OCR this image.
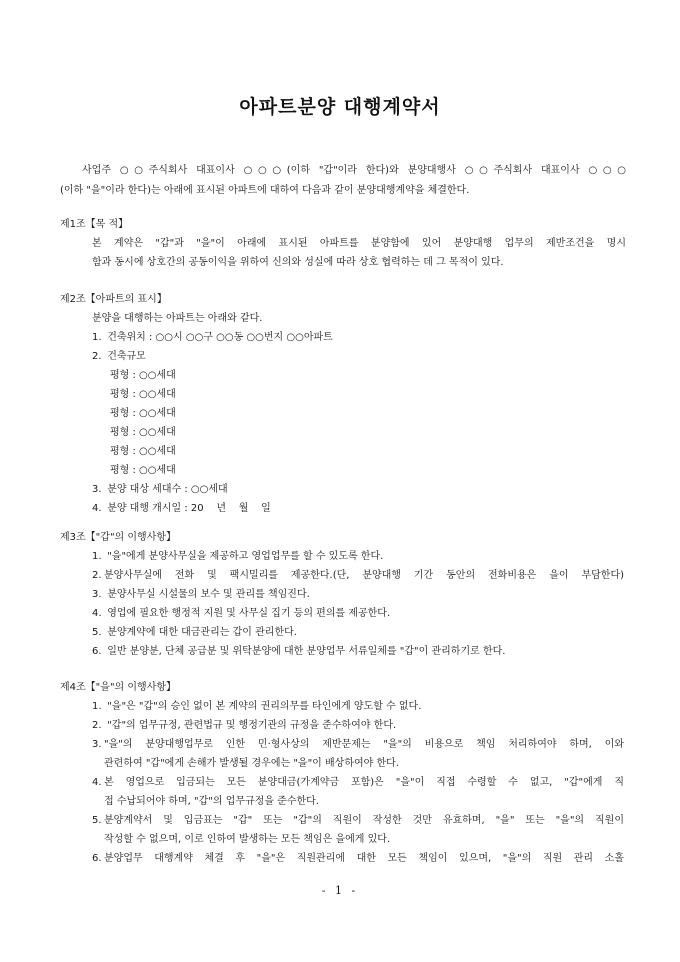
아파트분양 대행계약서
사업주 ○○주식회사 대표이사 ○○○(이하 "갑"이라 한다)와 분양대행사 ○○주식회사 대표이사 ○○○
(이하 "을"이라 한다)는 아래에 표시된 아파트에 대하여 다음과 같이 분양대행계약을 체결한다.
제1조【목 적】
본 계약은 "갑"과 "을"이 아래에 표시된 아파트를 분양함에 있어 분양대행 업무의 제반조건을 명시
함과 동시에 상호간의 공동이익을 위하여 신의와 성실에 따라 상호 협력하는 데 그 목적이 있다.
제2조【아파트의 표시】
분양을 대행하는 아파트는 아래와 같다.
1. 건축위치 : ○○시 ○○구 ○○동 ○○번지 ○○아파트
2. 건축규모
평형 : ○○세대
평형 : ○○세대
평형 : ○○세대
평형 : ○○세대
평형 : ○○세대
평형 : ○○세대
3. 분양 대상 세대수 : ○○세대
4. 분양 대행 개시일 : 20    년    월    일
제3조【"갑"의 이행사항】
1. "을"에게 분양사무실을 제공하고 영업업무를 할 수 있도록 한다.
2. 분양사무실에 전화 및 팩시밀리를 제공한다.(단, 분양대행 기간 동안의 전화비용은 을이 부담한다)
3. 분양사무실 시설물의 보수 및 관리를 책임진다.
4. 영업에 필요한 행정적 지원 및 사무실 집기 등의 편의를 제공한다.
5. 분양계약에 대한 대금관리는 갑이 관리한다.
6. 일반 분양분, 단체 공급분 및 위탁분양에 대한 분양업무 서류일체를 "갑"이 관리하기로 한다.
제4조【"을"의 이행사항】
1. "을"은 "갑"의 승인 없이 본 계약의 권리의무를 타인에게 양도할 수 없다.
2. "갑"의 업무규정, 관련법규 및 행정기관의 규정을 준수하여야 한다.
3. "을"의 분양대행업무로 인한 민·형사상의 제반문제는 "을"의 비용으로 책임 처리하여야 하며, 이와
관련하여 "갑"에게 손해가 발생될 경우에는 "을"이 배상하여야 한다.
4. 본 영업으로 입금되는 모든 분양대금(가계약금 포함)은 "을"이 직접 수령할 수 없고, "갑"에게 직
접 수납되어야 하며, "갑"의 업무규정을 준수한다.
5. 분양계약서 및 입금표는 "갑" 또는 "갑"의 직원이 작성한 것만 유효하며, "을" 또는 "을"의 직원이
작성할 수 없으며, 이로 인하여 발생하는 모든 책임은 을에게 있다.
6. 분양업무 대행계약 체결 후 "을"은 직원관리에 대한 모든 책임이 있으며, "을"의 직원 관리 소홀
- 1 -
